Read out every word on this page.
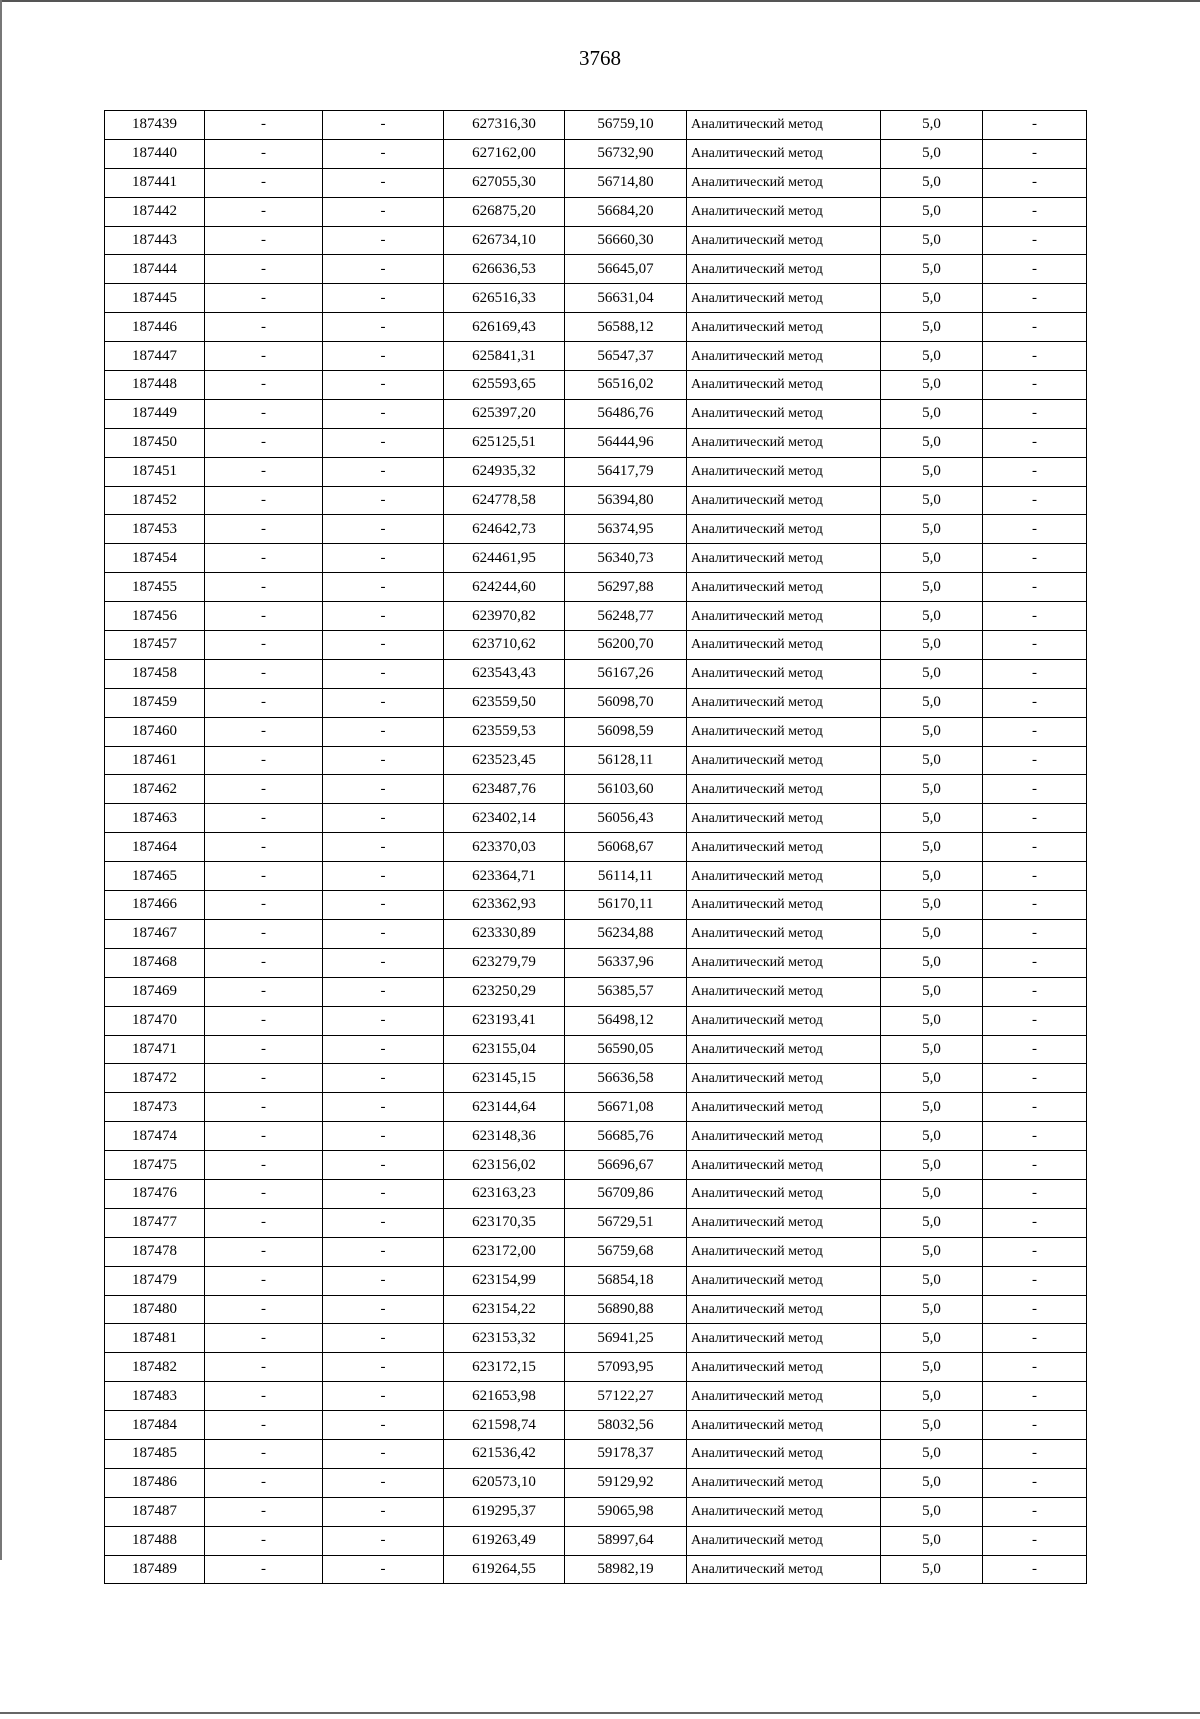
3768
187439	-	-	627316,30	56759,10	Аналитический метод	5,0	-
187440	-	-	627162,00	56732,90	Аналитический метод	5,0	-
187441	-	-	627055,30	56714,80	Аналитический метод	5,0	-
187442	-	-	626875,20	56684,20	Аналитический метод	5,0	-
187443	-	-	626734,10	56660,30	Аналитический метод	5,0	-
187444	-	-	626636,53	56645,07	Аналитический метод	5,0	-
187445	-	-	626516,33	56631,04	Аналитический метод	5,0	-
187446	-	-	626169,43	56588,12	Аналитический метод	5,0	-
187447	-	-	625841,31	56547,37	Аналитический метод	5,0	-
187448	-	-	625593,65	56516,02	Аналитический метод	5,0	-
187449	-	-	625397,20	56486,76	Аналитический метод	5,0	-
187450	-	-	625125,51	56444,96	Аналитический метод	5,0	-
187451	-	-	624935,32	56417,79	Аналитический метод	5,0	-
187452	-	-	624778,58	56394,80	Аналитический метод	5,0	-
187453	-	-	624642,73	56374,95	Аналитический метод	5,0	-
187454	-	-	624461,95	56340,73	Аналитический метод	5,0	-
187455	-	-	624244,60	56297,88	Аналитический метод	5,0	-
187456	-	-	623970,82	56248,77	Аналитический метод	5,0	-
187457	-	-	623710,62	56200,70	Аналитический метод	5,0	-
187458	-	-	623543,43	56167,26	Аналитический метод	5,0	-
187459	-	-	623559,50	56098,70	Аналитический метод	5,0	-
187460	-	-	623559,53	56098,59	Аналитический метод	5,0	-
187461	-	-	623523,45	56128,11	Аналитический метод	5,0	-
187462	-	-	623487,76	56103,60	Аналитический метод	5,0	-
187463	-	-	623402,14	56056,43	Аналитический метод	5,0	-
187464	-	-	623370,03	56068,67	Аналитический метод	5,0	-
187465	-	-	623364,71	56114,11	Аналитический метод	5,0	-
187466	-	-	623362,93	56170,11	Аналитический метод	5,0	-
187467	-	-	623330,89	56234,88	Аналитический метод	5,0	-
187468	-	-	623279,79	56337,96	Аналитический метод	5,0	-
187469	-	-	623250,29	56385,57	Аналитический метод	5,0	-
187470	-	-	623193,41	56498,12	Аналитический метод	5,0	-
187471	-	-	623155,04	56590,05	Аналитический метод	5,0	-
187472	-	-	623145,15	56636,58	Аналитический метод	5,0	-
187473	-	-	623144,64	56671,08	Аналитический метод	5,0	-
187474	-	-	623148,36	56685,76	Аналитический метод	5,0	-
187475	-	-	623156,02	56696,67	Аналитический метод	5,0	-
187476	-	-	623163,23	56709,86	Аналитический метод	5,0	-
187477	-	-	623170,35	56729,51	Аналитический метод	5,0	-
187478	-	-	623172,00	56759,68	Аналитический метод	5,0	-
187479	-	-	623154,99	56854,18	Аналитический метод	5,0	-
187480	-	-	623154,22	56890,88	Аналитический метод	5,0	-
187481	-	-	623153,32	56941,25	Аналитический метод	5,0	-
187482	-	-	623172,15	57093,95	Аналитический метод	5,0	-
187483	-	-	621653,98	57122,27	Аналитический метод	5,0	-
187484	-	-	621598,74	58032,56	Аналитический метод	5,0	-
187485	-	-	621536,42	59178,37	Аналитический метод	5,0	-
187486	-	-	620573,10	59129,92	Аналитический метод	5,0	-
187487	-	-	619295,37	59065,98	Аналитический метод	5,0	-
187488	-	-	619263,49	58997,64	Аналитический метод	5,0	-
187489	-	-	619264,55	58982,19	Аналитический метод	5,0	-
